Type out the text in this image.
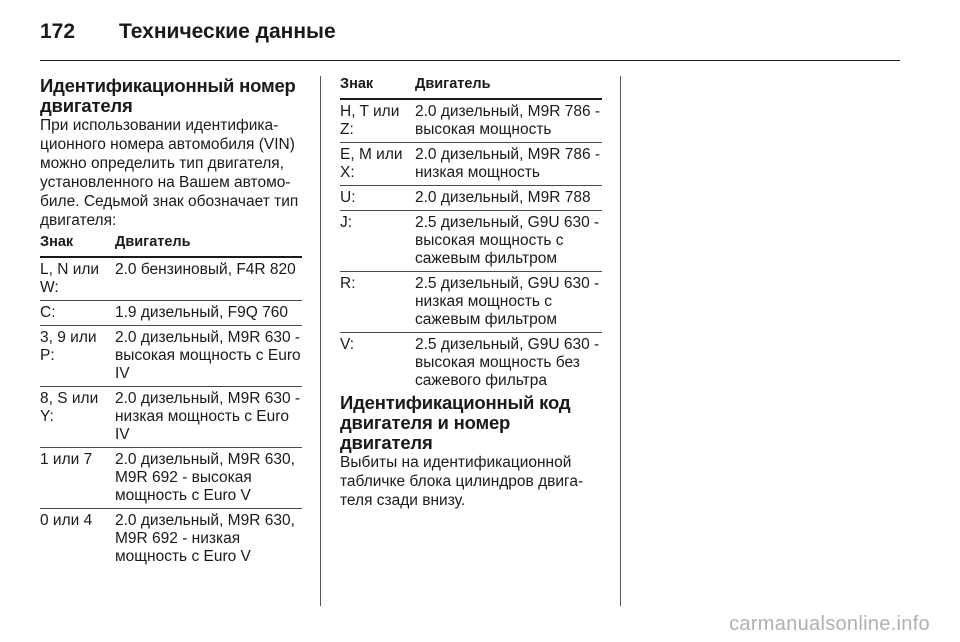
172 Технические данные
Идентификационный номер двигателя

При использовании идентифика-ционного номера автомобиля (VIN) можно определить тип двигателя, установленного на Вашем автомо-биле. Седьмой знак обозначает тип двигателя:

Знак	Двигатель
L, N или W:	2.0 бензиновый, F4R 820
C:	1.9 дизельный, F9Q 760
3, 9 или P:	2.0 дизельный, M9R 630 - высокая мощность с Euro IV
8, S или Y:	2.0 дизельный, M9R 630 - низкая мощность с Euro IV
1 или 7	2.0 дизельный, M9R 630, M9R 692 - высокая мощность с Euro V
0 или 4	2.0 дизельный, M9R 630, M9R 692 - низкая мощность с Euro V
Знак	Двигатель
H, T или Z:	2.0 дизельный, M9R 786 - высокая мощность
E, M или X:	2.0 дизельный, M9R 786 - низкая мощность
U:	2.0 дизельный, M9R 788
J:	2.5 дизельный, G9U 630 - высокая мощность с сажевым фильтром
R:	2.5 дизельный, G9U 630 - низкая мощность с сажевым фильтром
V:	2.5 дизельный, G9U 630 - высокая мощность без сажевого фильтра
Идентификационный код двигателя и номер двигателя

Выбиты на идентификационной табличке блока цилиндров двига-теля сзади внизу.

carmanualsonline.info
